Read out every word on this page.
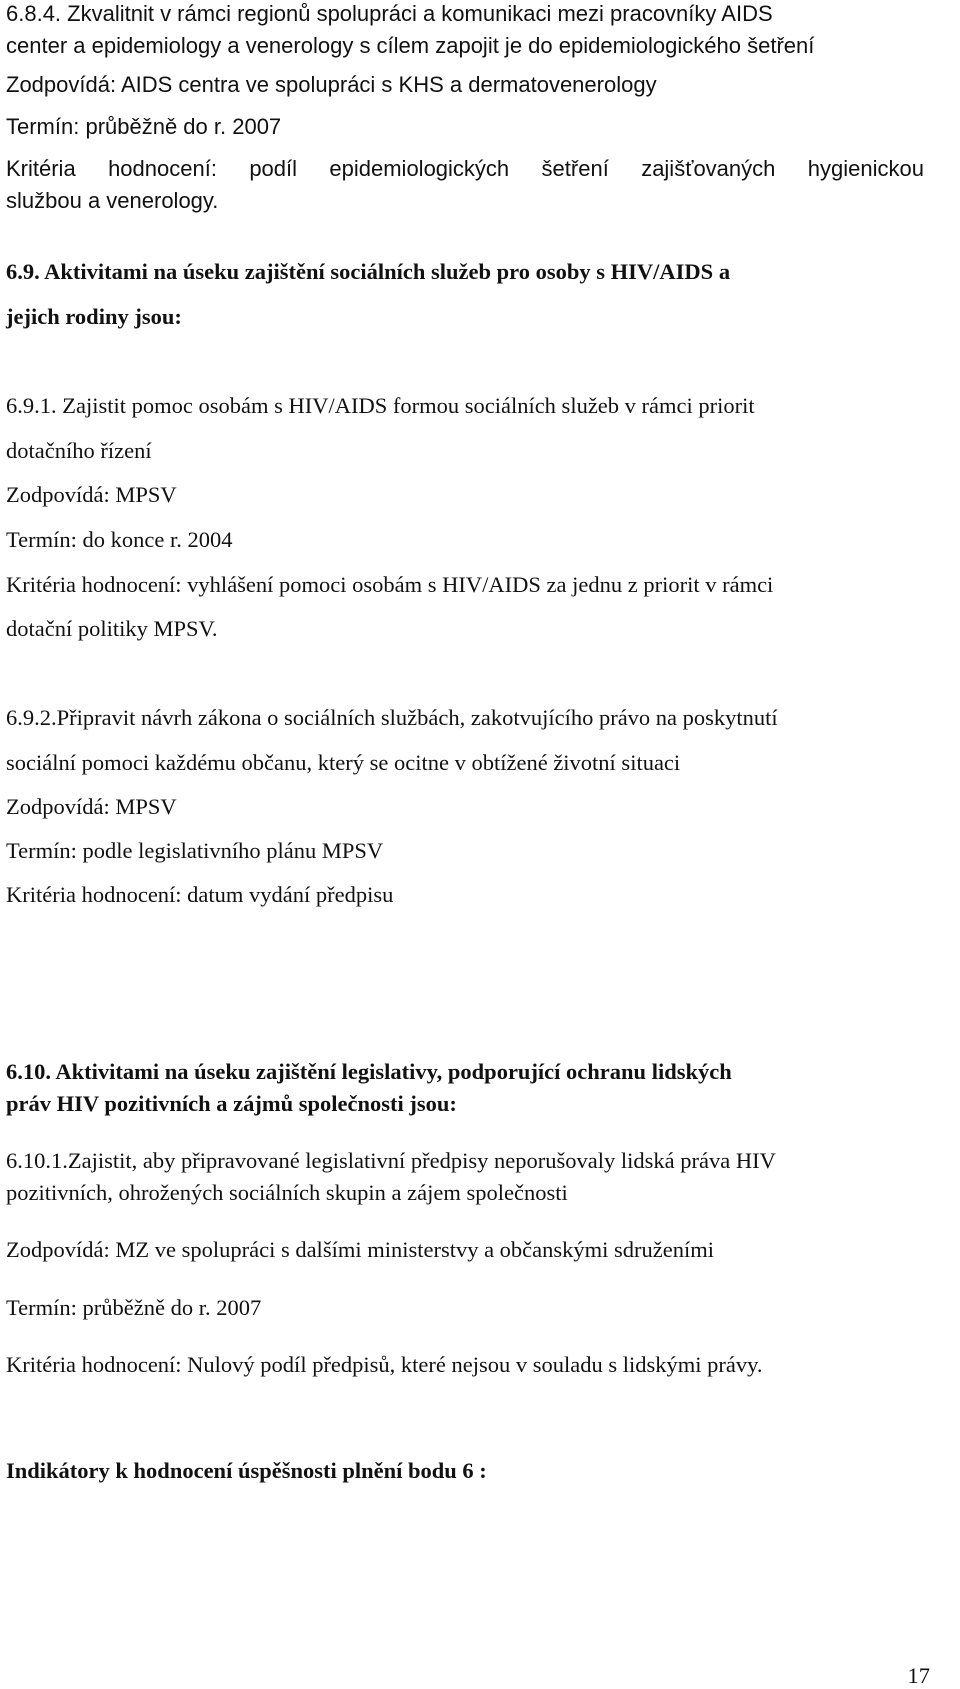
6.8.4. Zkvalitnit v rámci regionů spolupráci a komunikaci mezi pracovníky AIDS

center a epidemiology a venerology s cílem zapojit je do epidemiologického šetření

Zodpovídá: AIDS centra ve spolupráci s KHS a dermatovenerology

Termín: průběžně do r. 2007

Kritéria hodnocení: podíl epidemiologických šetření zajišťovaných hygienickou

službou a venerology.

6.9. Aktivitami na úseku zajištění sociálních služeb pro osoby s HIV/AIDS a

jejich rodiny jsou:

6.9.1. Zajistit pomoc osobám s HIV/AIDS formou sociálních služeb v rámci priorit

dotačního řízení

Zodpovídá: MPSV

Termín: do konce r. 2004

Kritéria hodnocení: vyhlášení pomoci osobám s HIV/AIDS za jednu z priorit v rámci

dotační politiky MPSV.

6.9.2.Připravit návrh zákona o sociálních službách, zakotvujícího právo na poskytnutí

sociální pomoci každému občanu, který se ocitne v obtížené životní situaci

Zodpovídá: MPSV

Termín: podle legislativního plánu MPSV

Kritéria hodnocení: datum vydání předpisu

6.10. Aktivitami na úseku zajištění legislativy, podporující ochranu lidských

práv HIV pozitivních a zájmů společnosti jsou:

6.10.1.Zajistit, aby připravované legislativní předpisy neporušovaly lidská práva HIV

pozitivních, ohrožených sociálních skupin a zájem společnosti

Zodpovídá: MZ ve spolupráci s dalšími ministerstvy a občanskými sdruženími

Termín: průběžně do r. 2007

Kritéria hodnocení: Nulový podíl předpisů, které nejsou v souladu s lidskými právy.

Indikátory k hodnocení úspěšnosti plnění bodu 6 :

17
